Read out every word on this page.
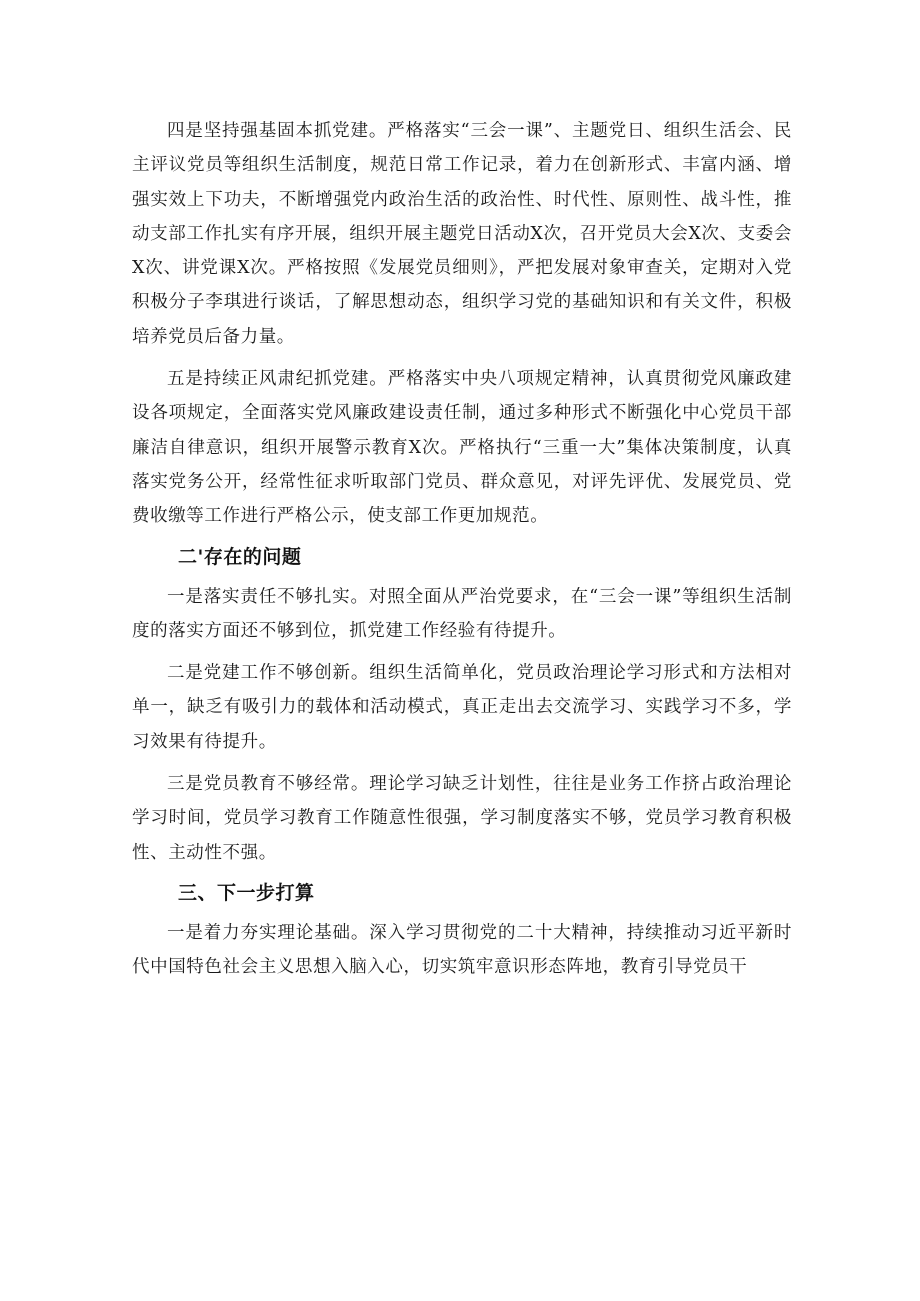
四是坚持强基固本抓党建。严格落实“三会一课”、主题党日、组织生活会、民主评议党员等组织生活制度，规范日常工作记录，着力在创新形式、丰富内涵、增强实效上下功夫，不断增强党内政治生活的政治性、时代性、原则性、战斗性，推动支部工作扎实有序开展，组织开展主题党日活动X次，召开党员大会X次、支委会X次、讲党课X次。严格按照《发展党员细则》，严把发展对象审查关，定期对入党积极分子李琪进行谈话，了解思想动态，组织学习党的基础知识和有关文件，积极培养党员后备力量。

五是持续正风肃纪抓党建。严格落实中央八项规定精神，认真贯彻党风廉政建设各项规定，全面落实党风廉政建设责任制，通过多种形式不断强化中心党员干部廉洁自律意识，组织开展警示教育X次。严格执行“三重一大”集体决策制度，认真落实党务公开，经常性征求听取部门党员、群众意见，对评先评优、发展党员、党费收缴等工作进行严格公示，使支部工作更加规范。

二'存在的问题

一是落实责任不够扎实。对照全面从严治党要求，在“三会一课”等组织生活制度的落实方面还不够到位，抓党建工作经验有待提升。

二是党建工作不够创新。组织生活简单化，党员政治理论学习形式和方法相对单一，缺乏有吸引力的载体和活动模式，真正走出去交流学习、实践学习不多，学习效果有待提升。

三是党员教育不够经常。理论学习缺乏计划性，往往是业务工作挤占政治理论学习时间，党员学习教育工作随意性很强，学习制度落实不够，党员学习教育积极性、主动性不强。

三、下一步打算

一是着力夯实理论基础。深入学习贯彻党的二十大精神，持续推动习近平新时代中国特色社会主义思想入脑入心，切实筑牢意识形态阵地，教育引导党员干
